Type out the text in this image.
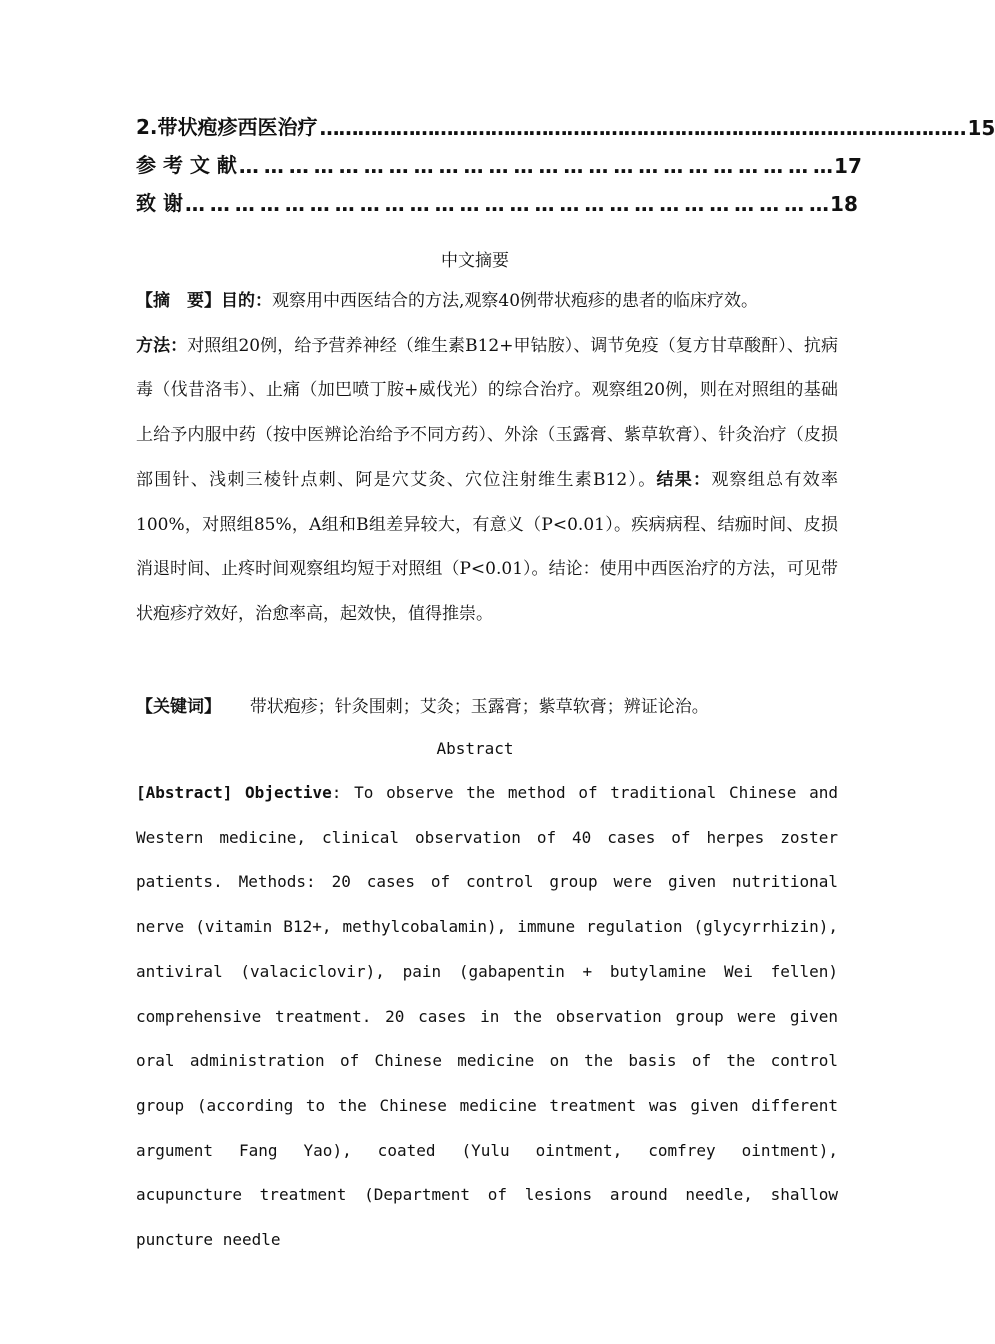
2.带状疱疹西医治疗 ………………………………………………………………………………………… 15
参 考 文 献 … … … … … … … … … … … … … … … … … … … … … … … … 17
致 谢 … … … … … … … … … … … … … … … … … … … … … … … … … … 18
中文摘要
【摘　要】目的：观察用中西医结合的方法,观察40例带状疱疹的患者的临床疗效。
方法：对照组20例，给予营养神经（维生素B12+甲钴胺）、调节免疫（复方甘草酸酐）、抗病毒（伐昔洛韦）、止痛（加巴喷丁胺+威伐光）的综合治疗。观察组20例，则在对照组的基础上给予内服中药（按中医辨论治给予不同方药）、外涂（玉露膏、紫草软膏）、针灸治疗（皮损部围针、浅刺三棱针点刺、阿是穴艾灸、穴位注射维生素B12）。结果：观察组总有效率100%，对照组85%，A组和B组差异较大，有意义（P<0.01）。疾病病程、结痂时间、皮损消退时间、止疼时间观察组均短于对照组（P<0.01）。结论：使用中西医治疗的方法，可见带状疱疹疗效好，治愈率高，起效快，值得推崇。
【关键词】 带状疱疹；针灸围刺；艾灸；玉露膏；紫草软膏；辨证论治。
Abstract
[Abstract] Objective: To observe the method of traditional Chinese and Western medicine, clinical observation of 40 cases of herpes zoster patients. Methods: 20 cases of control group were given nutritional nerve (vitamin B12+, methylcobalamin), immune regulation (glycyrrhizin), antiviral (valaciclovir), pain (gabapentin + butylamine Wei fellen) comprehensive treatment. 20 cases in the observation group were given oral administration of Chinese medicine on the basis of the control group (according to the Chinese medicine treatment was given different argument Fang Yao), coated (Yulu ointment, comfrey ointment), acupuncture treatment (Department of lesions around needle, shallow puncture needle
